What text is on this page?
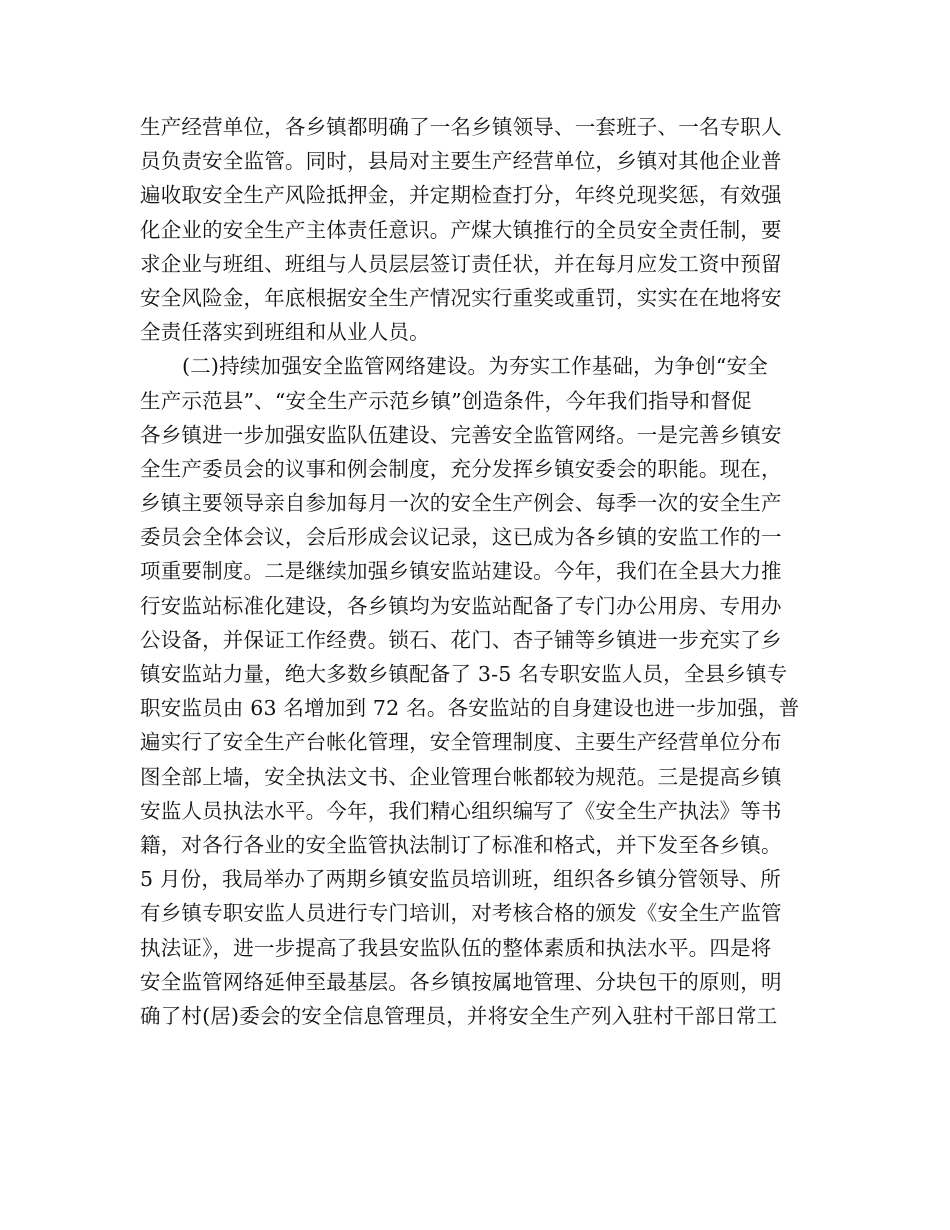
生产经营单位，各乡镇都明确了一名乡镇领导、一套班子、一名专职人
员负责安全监管。同时，县局对主要生产经营单位，乡镇对其他企业普
遍收取安全生产风险抵押金，并定期检查打分，年终兑现奖惩，有效强
化企业的安全生产主体责任意识。产煤大镇推行的全员安全责任制，要
求企业与班组、班组与人员层层签订责任状，并在每月应发工资中预留
安全风险金，年底根据安全生产情况实行重奖或重罚，实实在在地将安
全责任落实到班组和从业人员。
(二)持续加强安全监管网络建设。为夯实工作基础，为争创“安全
生产示范县”、“安全生产示范乡镇”创造条件，今年我们指导和督促
各乡镇进一步加强安监队伍建设、完善安全监管网络。一是完善乡镇安
全生产委员会的议事和例会制度，充分发挥乡镇安委会的职能。现在，
乡镇主要领导亲自参加每月一次的安全生产例会、每季一次的安全生产
委员会全体会议，会后形成会议记录，这已成为各乡镇的安监工作的一
项重要制度。二是继续加强乡镇安监站建设。今年，我们在全县大力推
行安监站标准化建设，各乡镇均为安监站配备了专门办公用房、专用办
公设备，并保证工作经费。锁石、花门、杏子铺等乡镇进一步充实了乡
镇安监站力量，绝大多数乡镇配备了 3-5 名专职安监人员，全县乡镇专
职安监员由 63 名增加到 72 名。各安监站的自身建设也进一步加强，普
遍实行了安全生产台帐化管理，安全管理制度、主要生产经营单位分布
图全部上墙，安全执法文书、企业管理台帐都较为规范。三是提高乡镇
安监人员执法水平。今年，我们精心组织编写了《安全生产执法》等书
籍，对各行各业的安全监管执法制订了标准和格式，并下发至各乡镇。
5 月份，我局举办了两期乡镇安监员培训班，组织各乡镇分管领导、所
有乡镇专职安监人员进行专门培训，对考核合格的颁发《安全生产监管
执法证》，进一步提高了我县安监队伍的整体素质和执法水平。四是将
安全监管网络延伸至最基层。各乡镇按属地管理、分块包干的原则，明
确了村(居)委会的安全信息管理员，并将安全生产列入驻村干部日常工
